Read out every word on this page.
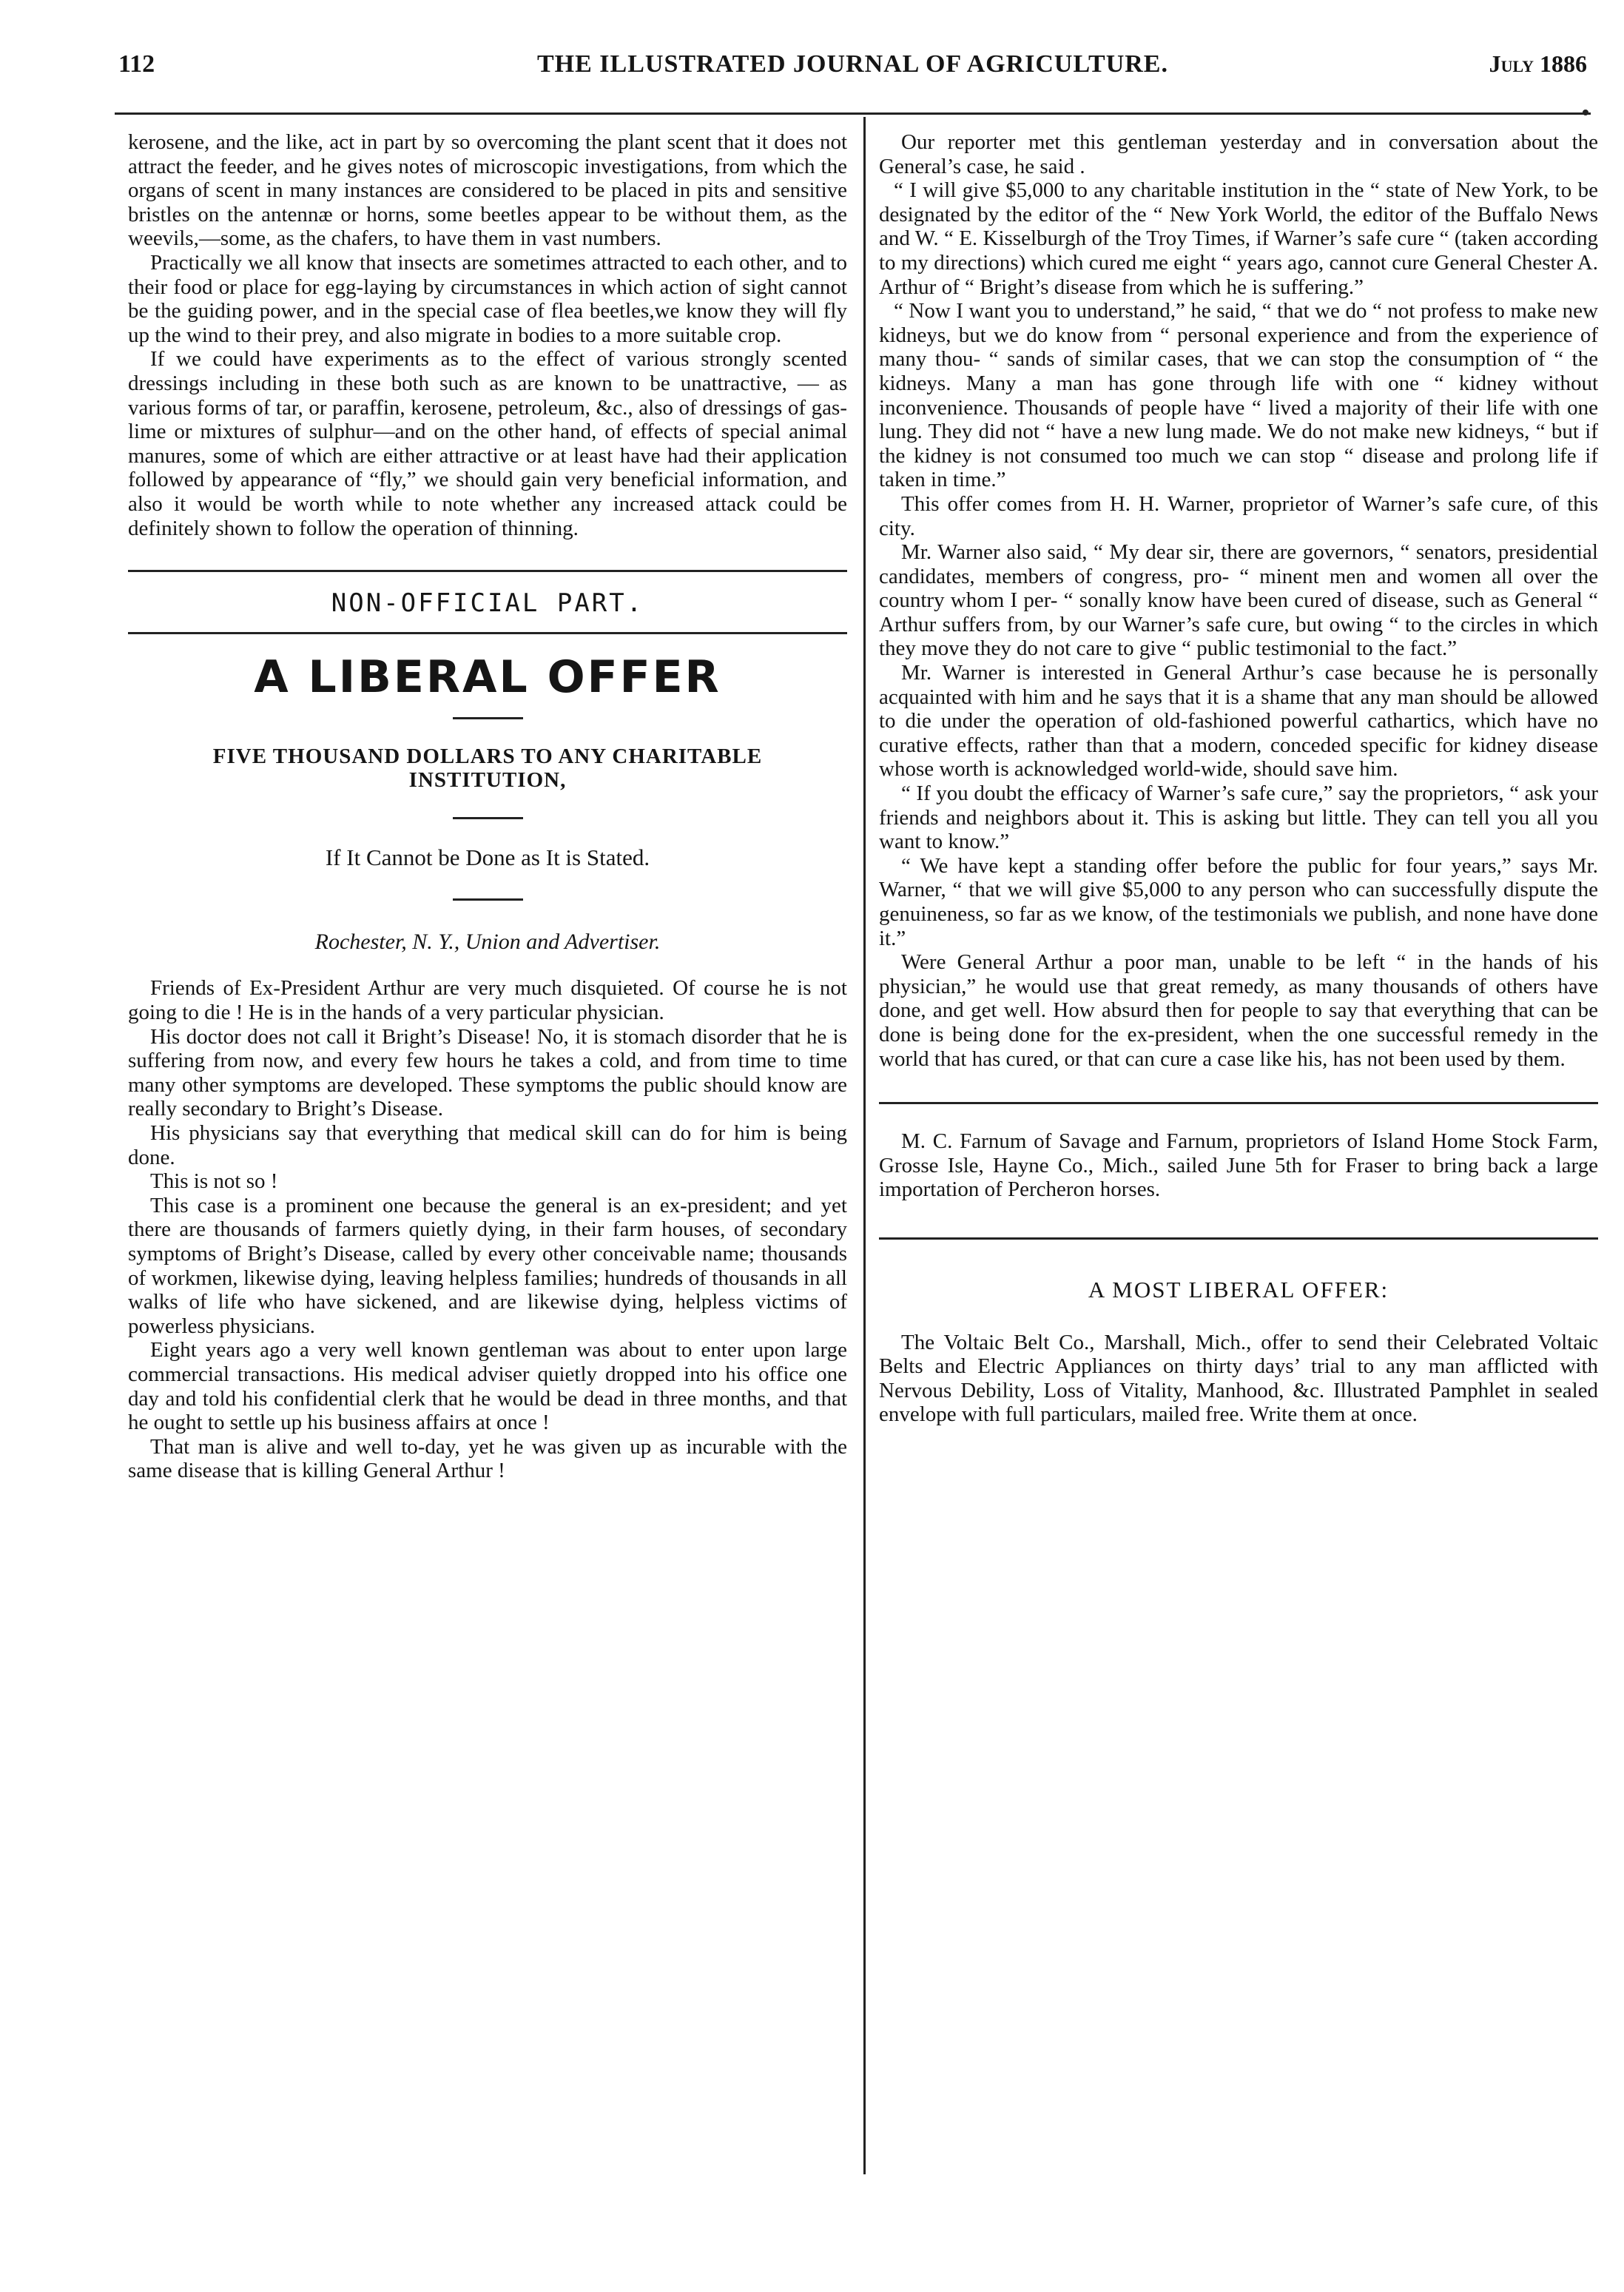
112	THE ILLUSTRATED JOURNAL OF AGRICULTURE.	July 1886

kerosene, and the like, act in part by so overcoming the plant scent that it does not attract the feeder, and he gives notes of microscopic investigations, from which the organs of scent in many instances are considered to be placed in pits and sensitive bristles on the antennæ or horns, some beetles appear to be without them, as the weevils,—some, as the chafers, to have them in vast numbers.

Practically we all know that insects are sometimes attracted to each other, and to their food or place for egg-laying by circumstances in which action of sight cannot be the guiding power, and in the special case of flea beetles,we know they will fly up the wind to their prey, and also migrate in bodies to a more suitable crop.

If we could have experiments as to the effect of various strongly scented dressings including in these both such as are known to be unattractive, — as various forms of tar, or paraffin, kerosene, petroleum, &c., also of dressings of gas-lime or mixtures of sulphur—and on the other hand, of effects of special animal manures, some of which are either attractive or at least have had their application followed by appearance of “fly,” we should gain very beneficial information, and also it would be worth while to note whether any increased attack could be definitely shown to follow the operation of thinning.

NON-OFFICIAL PART.
A LIBERAL OFFER
FIVE THOUSAND DOLLARS TO ANY CHARITABLE INSTITUTION,
If It Cannot be Done as It is Stated.
Rochester, N. Y., Union and Advertiser.

Friends of Ex-President Arthur are very much disquieted. Of course he is not going to die ! He is in the hands of a very particular physician.

His doctor does not call it Bright’s Disease! No, it is stomach disorder that he is suffering from now, and every few hours he takes a cold, and from time to time many other symptoms are developed. These symptoms the public should know are really secondary to Bright’s Disease.

His physicians say that everything that medical skill can do for him is being done.

This is not so !

This case is a prominent one because the general is an ex-president; and yet there are thousands of farmers quietly dying, in their farm houses, of secondary symptoms of Bright’s Disease, called by every other conceivable name; thousands of workmen, likewise dying, leaving helpless families; hundreds of thousands in all walks of life who have sickened, and are likewise dying, helpless victims of powerless physicians.

Eight years ago a very well known gentleman was about to enter upon large commercial transactions. His medical adviser quietly dropped into his office one day and told his confidential clerk that he would be dead in three months, and that he ought to settle up his business affairs at once !

That man is alive and well to-day, yet he was given up as incurable with the same disease that is killing General Arthur !

Our reporter met this gentleman yesterday and in conversation about the General’s case, he said .

“ I will give $5,000 to any charitable institution in the “ state of New York, to be designated by the editor of the “ New York World, the editor of the Buffalo News and W. “ E. Kisselburgh of the Troy Times, if Warner’s safe cure “ (taken according to my directions) which cured me eight “ years ago, cannot cure General Chester A. Arthur of “ Bright’s disease from which he is suffering.”

“ Now I want you to understand,” he said, “ that we do “ not profess to make new kidneys, but we do know from “ personal experience and from the experience of many thou- “ sands of similar cases, that we can stop the consumption of “ the kidneys. Many a man has gone through life with one “ kidney without inconvenience. Thousands of people have “ lived a majority of their life with one lung. They did not “ have a new lung made. We do not make new kidneys, “ but if the kidney is not consumed too much we can stop “ disease and prolong life if taken in time.”

This offer comes from H. H. Warner, proprietor of Warner’s safe cure, of this city.

Mr. Warner also said, “ My dear sir, there are governors, “ senators, presidential candidates, members of congress, pro- “ minent men and women all over the country whom I per- “ sonally know have been cured of disease, such as General “ Arthur suffers from, by our Warner’s safe cure, but owing “ to the circles in which they move they do not care to give “ public testimonial to the fact.”

Mr. Warner is interested in General Arthur’s case because he is personally acquainted with him and he says that it is a shame that any man should be allowed to die under the operation of old-fashioned powerful cathartics, which have no curative effects, rather than that a modern, conceded specific for kidney disease whose worth is acknowledged world-wide, should save him.

“ If you doubt the efficacy of Warner’s safe cure,” say the proprietors, “ ask your friends and neighbors about it. This is asking but little. They can tell you all you want to know.”

“ We have kept a standing offer before the public for four years,” says Mr. Warner, “ that we will give $5,000 to any person who can successfully dispute the genuineness, so far as we know, of the testimonials we publish, and none have done it.”

Were General Arthur a poor man, unable to be left “ in the hands of his physician,” he would use that great remedy, as many thousands of others have done, and get well. How absurd then for people to say that everything that can be done is being done for the ex-president, when the one successful remedy in the world that has cured, or that can cure a case like his, has not been used by them.

M. C. Farnum of Savage and Farnum, proprietors of Island Home Stock Farm, Grosse Isle, Hayne Co., Mich., sailed June 5th for Fraser to bring back a large importation of Percheron horses.

A MOST LIBERAL OFFER:

The Voltaic Belt Co., Marshall, Mich., offer to send their Celebrated Voltaic Belts and Electric Appliances on thirty days’ trial to any man afflicted with Nervous Debility, Loss of Vitality, Manhood, &c. Illustrated Pamphlet in sealed envelope with full particulars, mailed free. Write them at once.
